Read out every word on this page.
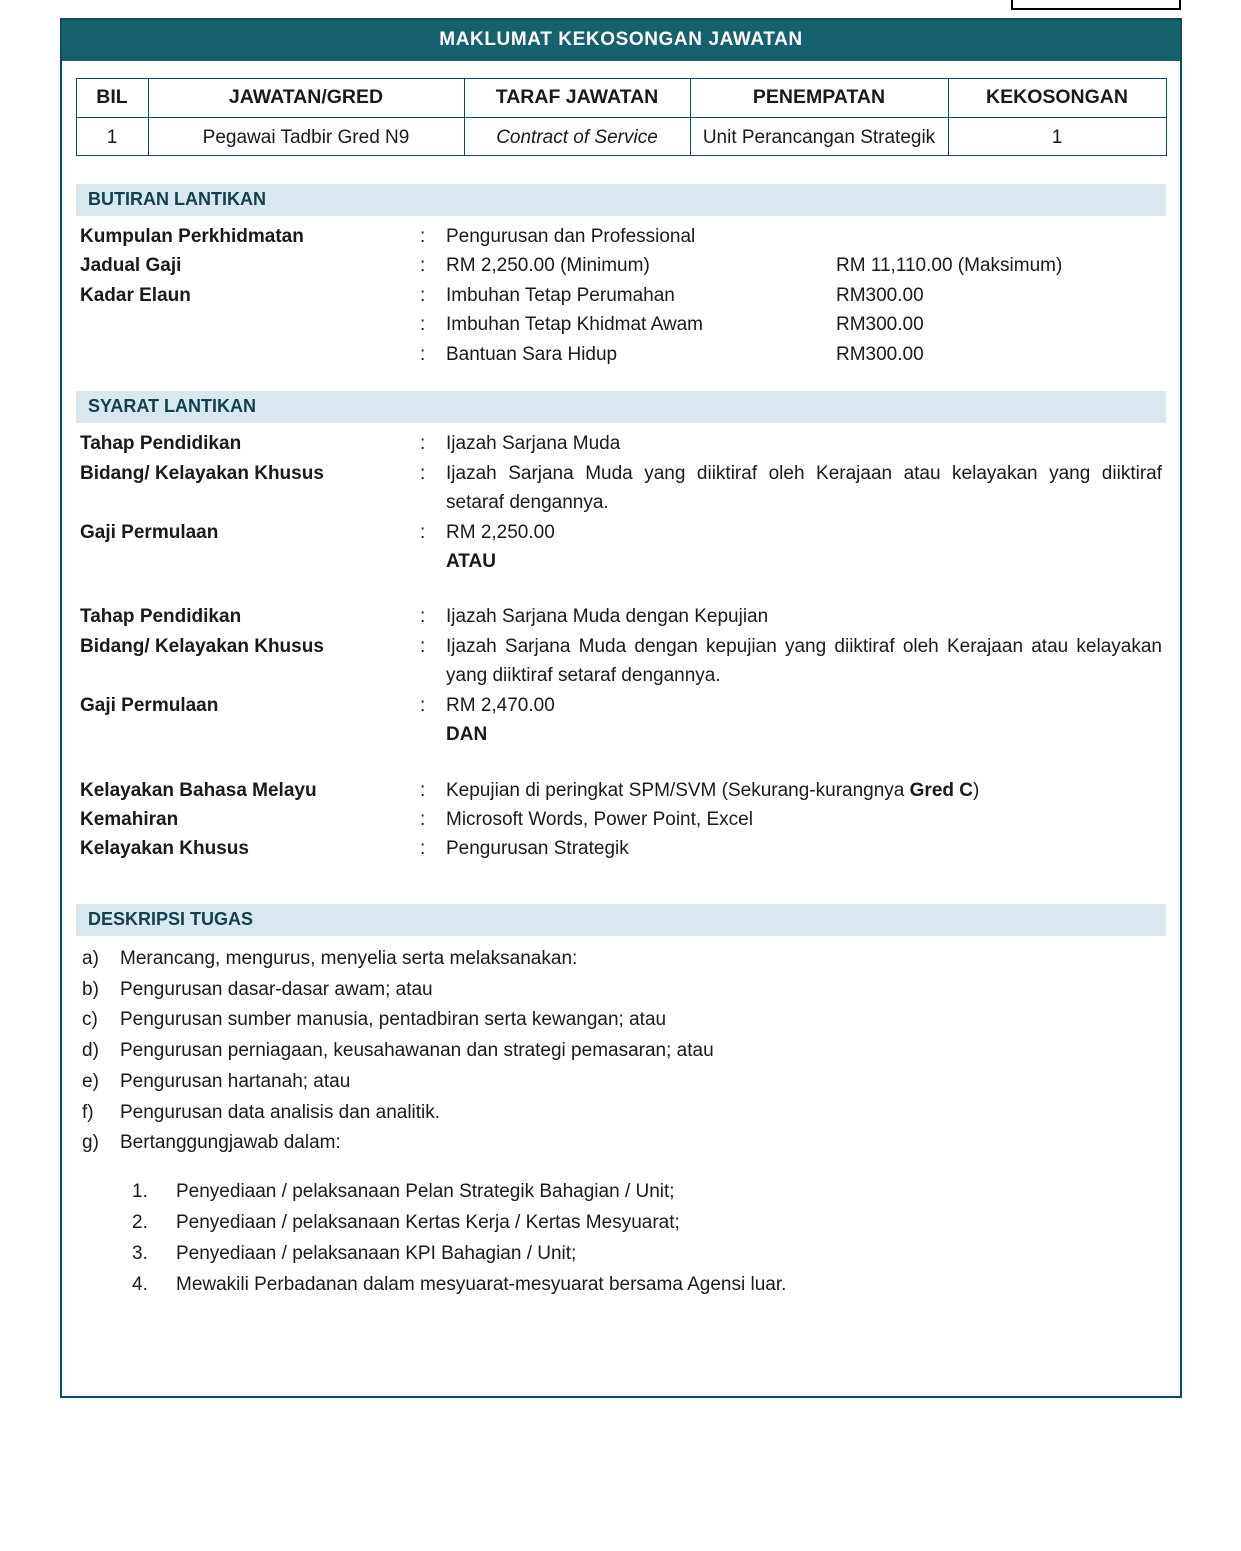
MAKLUMAT KEKOSONGAN JAWATAN
BIL	JAWATAN/GRED	TARAF JAWATAN	PENEMPATAN	KEKOSONGAN
1	Pegawai Tadbir Gred N9	Contract of Service	Unit Perancangan Strategik	1
BUTIRAN LANTIKAN
Kumpulan Perkhidmatan	:	Pengurusan dan Professional
Jadual Gaji	:	RM 2,250.00 (Minimum)	RM 11,110.00 (Maksimum)
Kadar Elaun	:	Imbuhan Tetap Perumahan	RM300.00
:	Imbuhan Tetap Khidmat Awam	RM300.00
:	Bantuan Sara Hidup	RM300.00
SYARAT LANTIKAN
Tahap Pendidikan	:	Ijazah Sarjana Muda
Bidang/ Kelayakan Khusus	:	Ijazah Sarjana Muda yang diiktiraf oleh Kerajaan atau kelayakan yang diiktiraf setaraf dengannya.
Gaji Permulaan	:	RM 2,250.00
ATAU
Tahap Pendidikan	:	Ijazah Sarjana Muda dengan Kepujian
Bidang/ Kelayakan Khusus	:	Ijazah Sarjana Muda dengan kepujian yang diiktiraf oleh Kerajaan atau kelayakan yang diiktiraf setaraf dengannya.
Gaji Permulaan	:	RM 2,470.00
DAN
Kelayakan Bahasa Melayu	:	Kepujian di peringkat SPM/SVM (Sekurang-kurangnya Gred C)
Kemahiran	:	Microsoft Words, Power Point, Excel
Kelayakan Khusus	:	Pengurusan Strategik
DESKRIPSI TUGAS
a)	Merancang, mengurus, menyelia serta melaksanakan:
b)	Pengurusan dasar-dasar awam; atau
c)	Pengurusan sumber manusia, pentadbiran serta kewangan; atau
d)	Pengurusan perniagaan, keusahawanan dan strategi pemasaran; atau
e)	Pengurusan hartanah; atau
f)	Pengurusan data analisis dan analitik.
g)	Bertanggungjawab dalam:
1.	Penyediaan / pelaksanaan Pelan Strategik Bahagian / Unit;
2.	Penyediaan / pelaksanaan Kertas Kerja / Kertas Mesyuarat;
3.	Penyediaan / pelaksanaan KPI Bahagian / Unit;
4.	Mewakili Perbadanan dalam mesyuarat-mesyuarat bersama Agensi luar.
